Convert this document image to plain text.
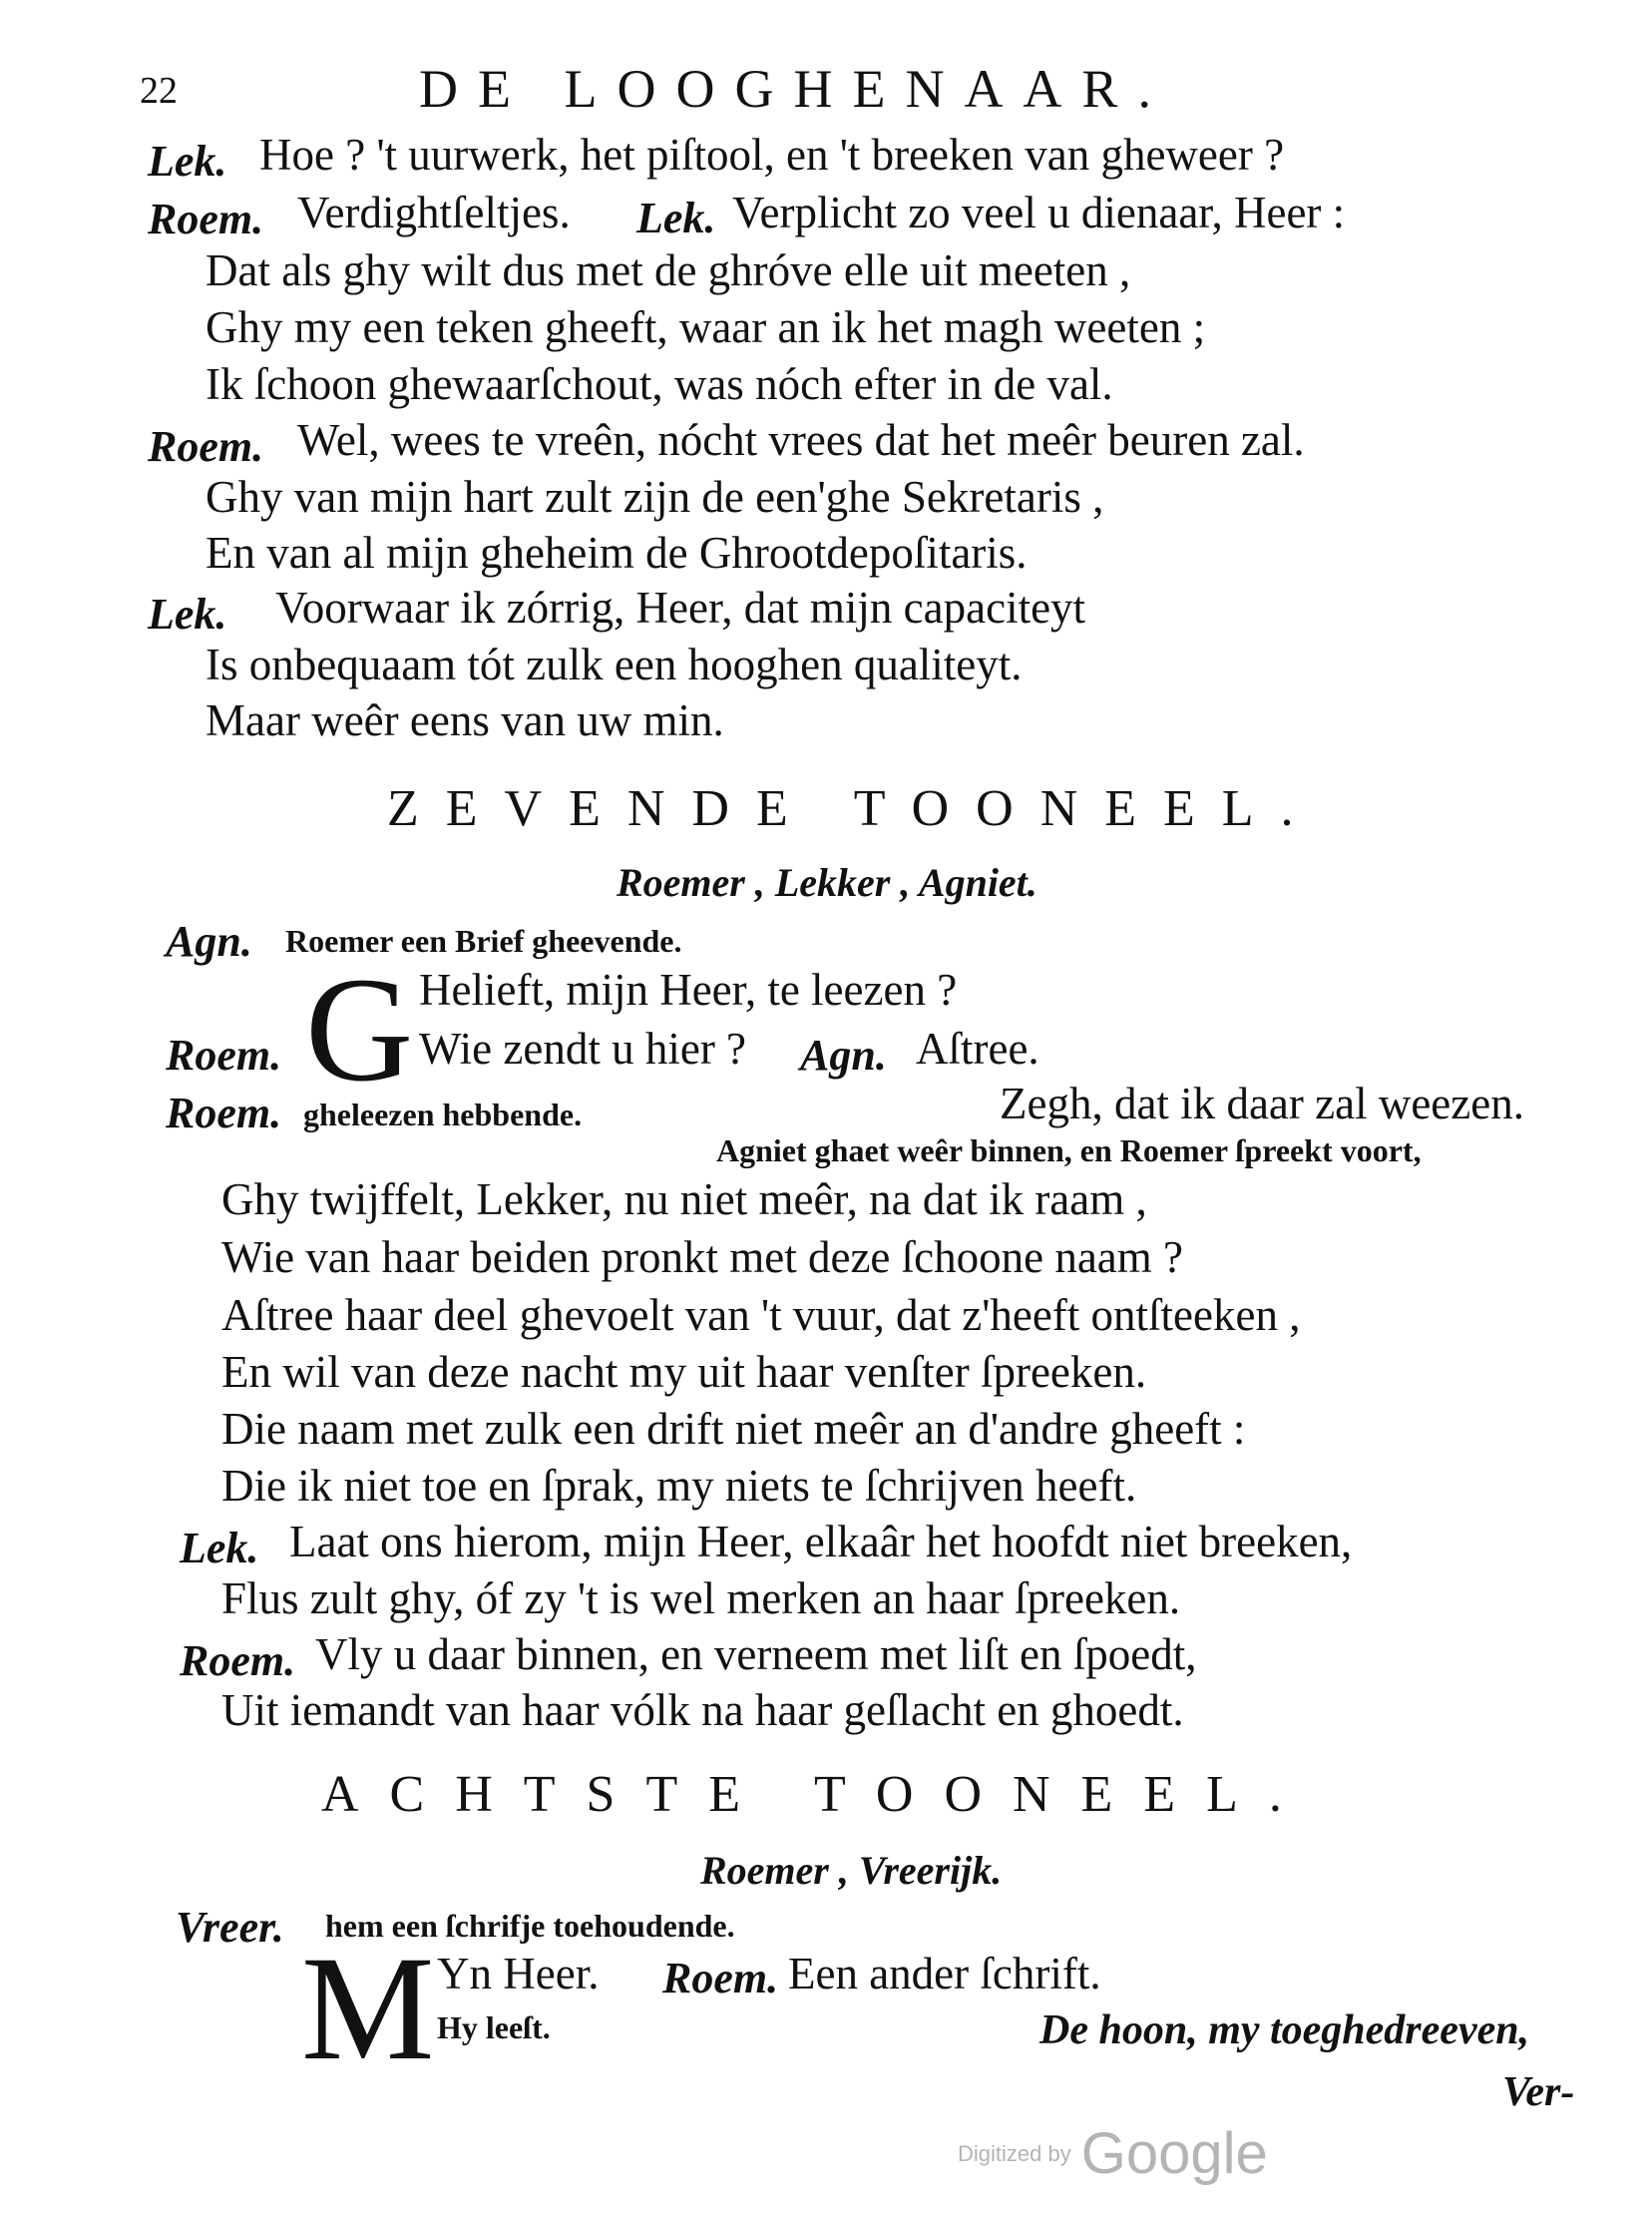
22	DE LOOGHENAAR.
Lek. Hoe ? 't uurwerk, het piſtool, en 't breeken van gheweer ?
Roem. Verdightſeltjes. Lek. Verplicht zo veel u dienaar, Heer :
Dat als ghy wilt dus met de ghróve elle uit meeten ,
Ghy my een teken gheeft, waar an ik het magh weeten ;
Ik ſchoon ghewaarſchout, was nóch efter in de val.
Roem. Wel, wees te vreên, nócht vrees dat het meêr beuren zal.
Ghy van mijn hart zult zijn de een'ghe Sekretaris ,
En van al mijn gheheim de Ghrootdepoſitaris.
Lek. Voorwaar ik zórrig, Heer, dat mijn capaciteyt
Is onbequaam tót zulk een hooghen qualiteyt.
Maar weêr eens van uw min.
ZEVENDE TOONEEL.
Roemer , Lekker , Agniet.
Agn. Roemer een Brief gheevende.
G Helieft, mijn Heer, te leezen ?
Roem.	Wie zendt u hier ? Agn. Aſtree.
Roem. gheleezen hebbende.	Zegh, dat ik daar zal weezen.
Agniet ghaet weêr binnen, en Roemer ſpreekt voort,
Ghy twijffelt, Lekker, nu niet meêr, na dat ik raam ,
Wie van haar beiden pronkt met deze ſchoone naam ?
Aſtree haar deel ghevoelt van 't vuur, dat z'heeft ontſteeken ,
En wil van deze nacht my uit haar venſter ſpreeken.
Die naam met zulk een drift niet meêr an d'andre gheeft :
Die ik niet toe en ſprak, my niets te ſchrijven heeft.
Lek. Laat ons hierom, mijn Heer, elkaâr het hoofdt niet breeken,
Flus zult ghy, óf zy 't is wel merken an haar ſpreeken.
Roem. Vly u daar binnen, en verneem met liſt en ſpoedt,
Uit iemandt van haar vólk na haar geſlacht en ghoedt.
ACHTSTE TOONEEL.
Roemer , Vreerijk.
Vreer. hem een ſchrifje toehoudende.
M Yn Heer. Roem. Een ander ſchrift.
Hy leeſt.	De hoon, my toeghedreeven,
Ver-
Digitized by Google
